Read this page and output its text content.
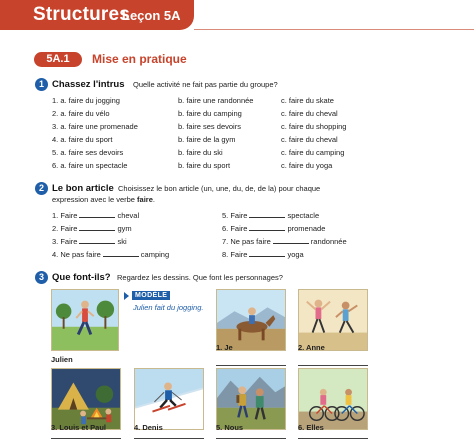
Structures
Leçon 5A
5A.1	Mise en pratique
1 Chassez l'intrus Quelle activité ne fait pas partie du groupe?
1. a. faire du jogging	b. faire une randonnée	c. faire du skate
2. a. faire du vélo	b. faire du camping	c. faire du cheval
3. a. faire une promenade	b. faire ses devoirs	c. faire du shopping
4. a. faire du sport	b. faire de la gym	c. faire du cheval
5. a. faire ses devoirs	b. faire du ski	c. faire du camping
6. a. faire un spectacle	b. faire du sport	c. faire du yoga
2 Le bon article Choisissez le bon article (un, une, du, de, de la) pour chaque
expression avec le verbe faire.
1. Faire	cheval
2. Faire	gym
3. Faire	ski
4. Ne pas faire	camping
5. Faire	spectacle
6. Faire	promenade
7. Ne pas faire	randonnée
8. Faire	yoga
3 Que font-ils? Regardez les dessins. Que font les personnages?
MODÈLE
Julien fait du jogging.
Julien
1. Je	2. Anne
3. Louis et Paul	4. Denis	5. Nous	6. Elles
